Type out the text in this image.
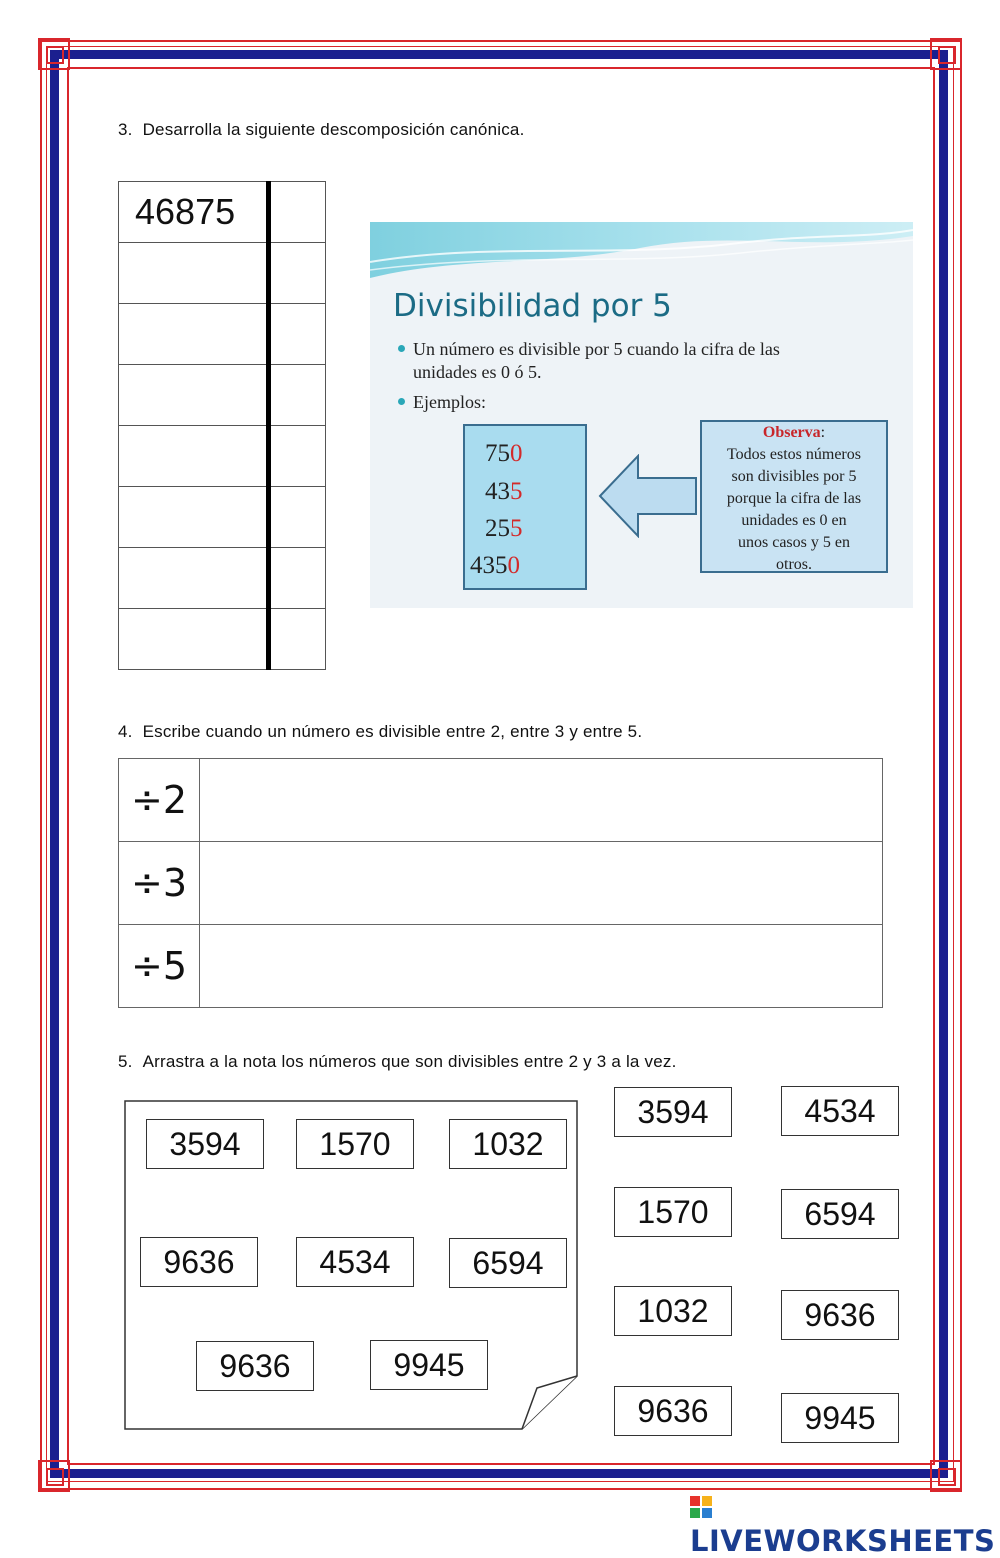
3. Desarrolla la siguiente descomposición canónica.
46875	

Divisibilidad por 5
Un número es divisible por 5 cuando la cifra de las
unidades es 0 ó 5.
Ejemplos:
750
435
255
4350
Observa:
Todos estos números
son divisibles por 5
porque la cifra de las
unidades es 0 en
unos casos y 5 en
otros.
4. Escribe cuando un número es divisible entre 2, entre 3 y entre 5.
÷2	
÷3	
÷5	
5. Arrastra a la nota los números que son divisibles entre 2 y 3 a la vez.
3594	1570	1032
9636	4534	6594
9636	9945
3594	4534
1570	6594
1032	9636
9636	9945
LIVEWORKSHEETS
